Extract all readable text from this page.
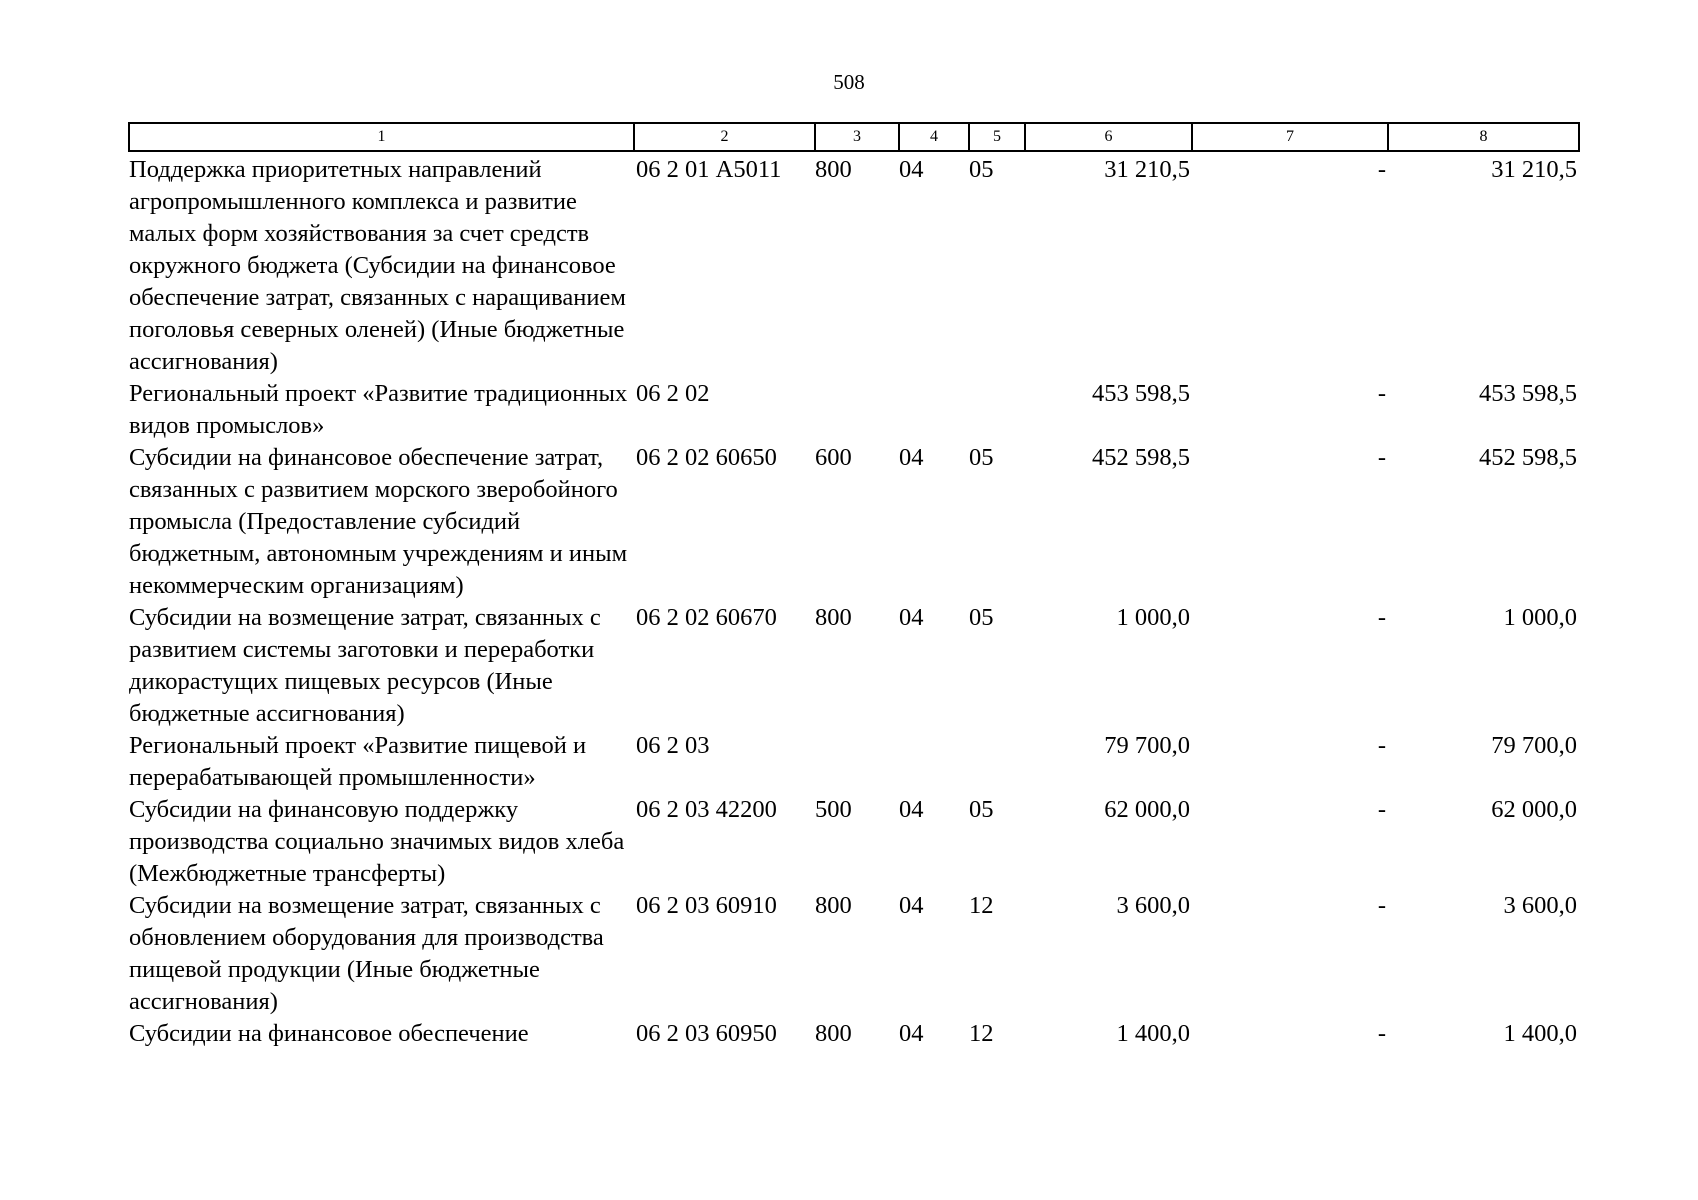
508
1	2	3	4	5	6	7	8
Поддержка приоритетных направлений агропромышленного комплекса и развитие малых форм хозяйствования за счет средств окружного бюджета (Субсидии на финансовое обеспечение затрат, связанных с наращиванием поголовья северных оленей) (Иные бюджетные ассигнования)	06 2 01 А5011	800	04	05	31 210,5	-	31 210,5
Региональный проект «Развитие традиционных видов промыслов»	06 2 02				453 598,5	-	453 598,5
Субсидии на финансовое обеспечение затрат, связанных с развитием морского зверобойного промысла (Предоставление субсидий бюджетным, автономным учреждениям и иным некоммерческим организациям)	06 2 02 60650	600	04	05	452 598,5	-	452 598,5
Субсидии на возмещение затрат, связанных с развитием системы заготовки и переработки дикорастущих пищевых ресурсов (Иные бюджетные ассигнования)	06 2 02 60670	800	04	05	1 000,0	-	1 000,0
Региональный проект «Развитие пищевой и перерабатывающей промышленности»	06 2 03				79 700,0	-	79 700,0
Субсидии на финансовую поддержку производства социально значимых видов хлеба (Межбюджетные трансферты)	06 2 03 42200	500	04	05	62 000,0	-	62 000,0
Субсидии на возмещение затрат, связанных с обновлением оборудования для производства пищевой продукции (Иные бюджетные ассигнования)	06 2 03 60910	800	04	12	3 600,0	-	3 600,0
Субсидии на финансовое обеспечение	06 2 03 60950	800	04	12	1 400,0	-	1 400,0
